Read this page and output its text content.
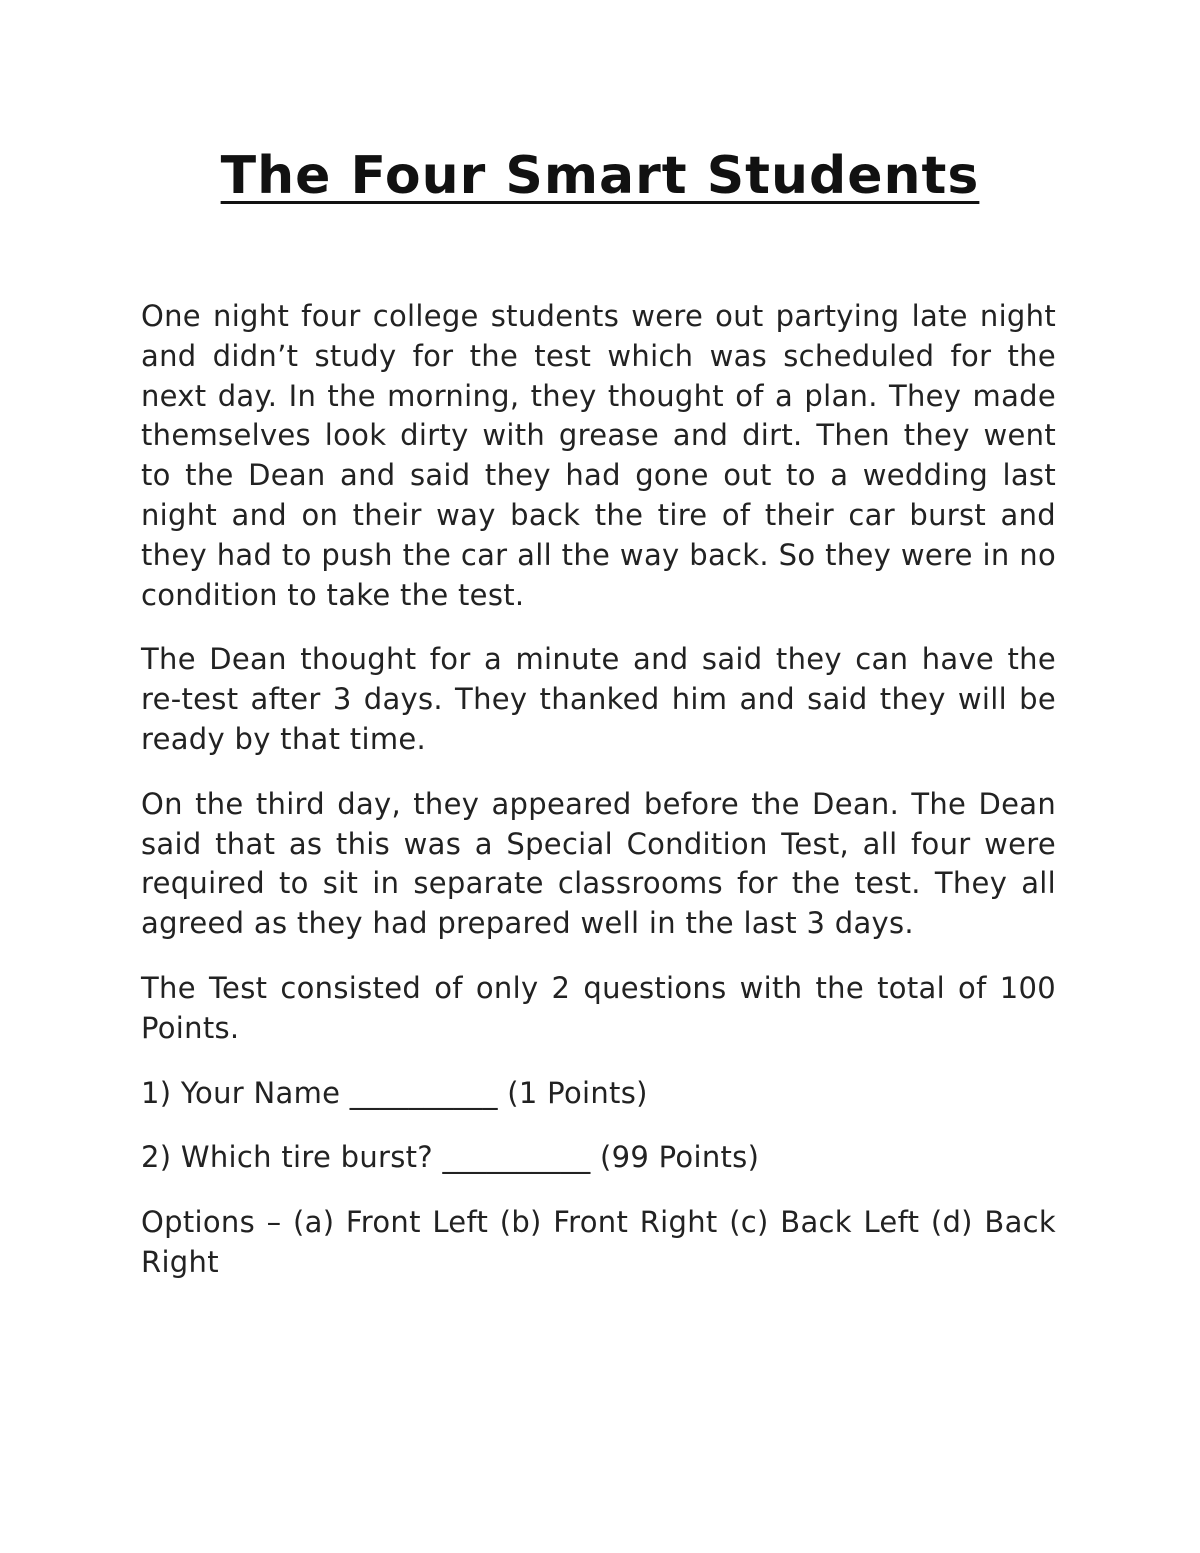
The Four Smart Students

One night four college students were out partying late night and didn’t study for the test which was scheduled for the next day. In the morning, they thought of a plan. They made themselves look dirty with grease and dirt. Then they went to the Dean and said they had gone out to a wedding last night and on their way back the tire of their car burst and they had to push the car all the way back. So they were in no condition to take the test.

The Dean thought for a minute and said they can have the re-test after 3 days. They thanked him and said they will be ready by that time.

On the third day, they appeared before the Dean. The Dean said that as this was a Special Condition Test, all four were required to sit in separate classrooms for the test. They all agreed as they had prepared well in the last 3 days.

The Test consisted of only 2 questions with the total of 100 Points.

1) Your Name __________ (1 Points)

2) Which tire burst? __________ (99 Points)

Options – (a) Front Left (b) Front Right (c) Back Left (d) Back Right
